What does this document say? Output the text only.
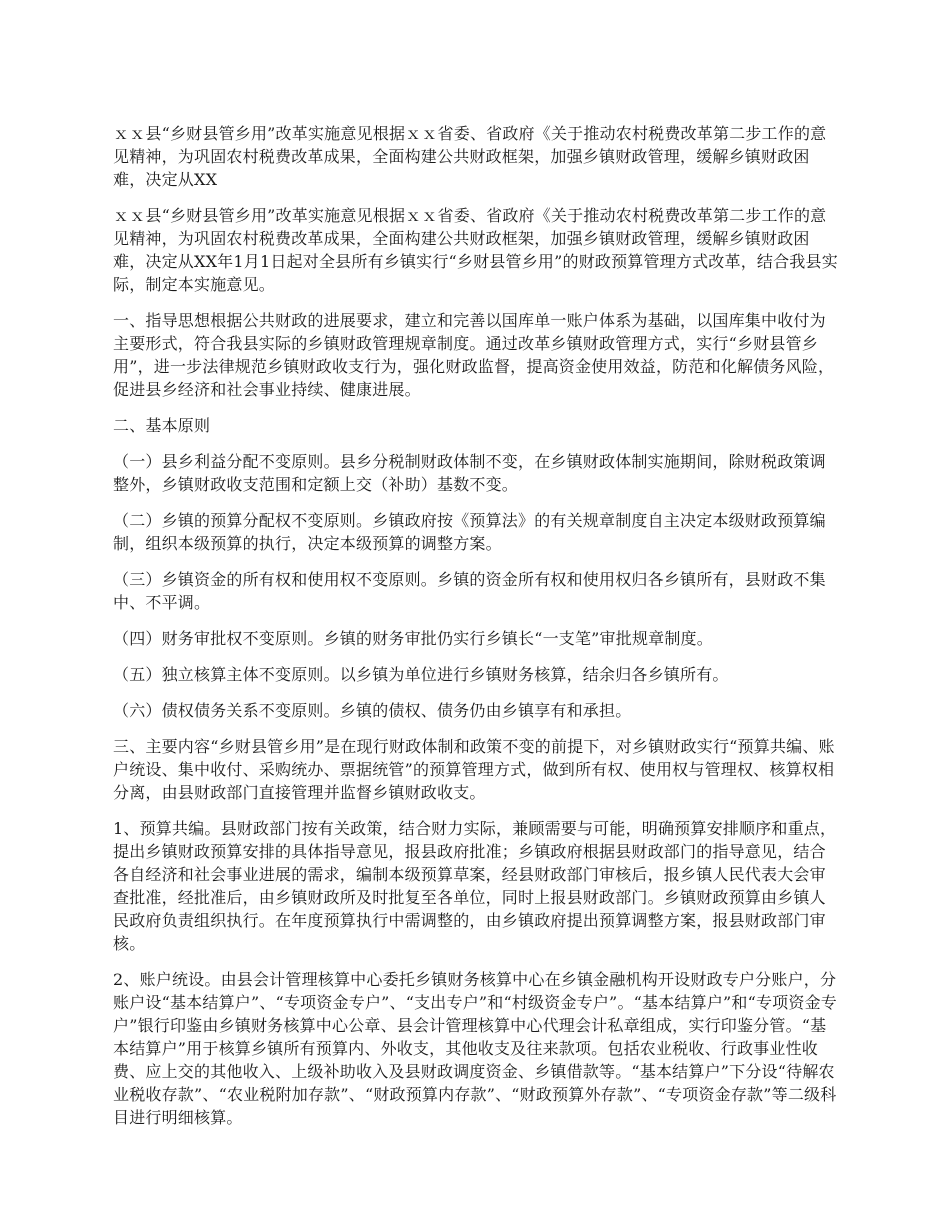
ｘｘ县“乡财县管乡用”改革实施意见根据ｘｘ省委、省政府《关于推动农村税费改革第二步工作的意见精神，为巩固农村税费改革成果，全面构建公共财政框架，加强乡镇财政管理，缓解乡镇财政困难，决定从XX

ｘｘ县“乡财县管乡用”改革实施意见根据ｘｘ省委、省政府《关于推动农村税费改革第二步工作的意见精神，为巩固农村税费改革成果，全面构建公共财政框架，加强乡镇财政管理，缓解乡镇财政困难，决定从XX年1月1日起对全县所有乡镇实行“乡财县管乡用”的财政预算管理方式改革，结合我县实际，制定本实施意见。

一、指导思想根据公共财政的进展要求，建立和完善以国库单一账户体系为基础，以国库集中收付为主要形式，符合我县实际的乡镇财政管理规章制度。通过改革乡镇财政管理方式，实行“乡财县管乡用”，进一步法律规范乡镇财政收支行为，强化财政监督，提高资金使用效益，防范和化解债务风险，促进县乡经济和社会事业持续、健康进展。

二、基本原则

（一）县乡利益分配不变原则。县乡分税制财政体制不变，在乡镇财政体制实施期间，除财税政策调整外，乡镇财政收支范围和定额上交（补助）基数不变。

（二）乡镇的预算分配权不变原则。乡镇政府按《预算法》的有关规章制度自主决定本级财政预算编制，组织本级预算的执行，决定本级预算的调整方案。

（三）乡镇资金的所有权和使用权不变原则。乡镇的资金所有权和使用权归各乡镇所有，县财政不集中、不平调。

（四）财务审批权不变原则。乡镇的财务审批仍实行乡镇长“一支笔”审批规章制度。

（五）独立核算主体不变原则。以乡镇为单位进行乡镇财务核算，结余归各乡镇所有。

（六）债权债务关系不变原则。乡镇的债权、债务仍由乡镇享有和承担。

三、主要内容“乡财县管乡用”是在现行财政体制和政策不变的前提下，对乡镇财政实行“预算共编、账户统设、集中收付、采购统办、票据统管”的预算管理方式，做到所有权、使用权与管理权、核算权相分离，由县财政部门直接管理并监督乡镇财政收支。

1、预算共编。县财政部门按有关政策，结合财力实际，兼顾需要与可能，明确预算安排顺序和重点，提出乡镇财政预算安排的具体指导意见，报县政府批准；乡镇政府根据县财政部门的指导意见，结合各自经济和社会事业进展的需求，编制本级预算草案，经县财政部门审核后，报乡镇人民代表大会审查批准，经批准后，由乡镇财政所及时批复至各单位，同时上报县财政部门。乡镇财政预算由乡镇人民政府负责组织执行。在年度预算执行中需调整的，由乡镇政府提出预算调整方案，报县财政部门审核。

2、账户统设。由县会计管理核算中心委托乡镇财务核算中心在乡镇金融机构开设财政专户分账户，分账户设“基本结算户”、“专项资金专户”、“支出专户”和“村级资金专户”。“基本结算户”和“专项资金专户”银行印鉴由乡镇财务核算中心公章、县会计管理核算中心代理会计私章组成，实行印鉴分管。“基本结算户”用于核算乡镇所有预算内、外收支，其他收支及往来款项。包括农业税收、行政事业性收费、应上交的其他收入、上级补助收入及县财政调度资金、乡镇借款等。“基本结算户”下分设“待解农业税收存款”、“农业税附加存款”、“财政预算内存款”、“财政预算外存款”、“专项资金存款”等二级科目进行明细核算。
